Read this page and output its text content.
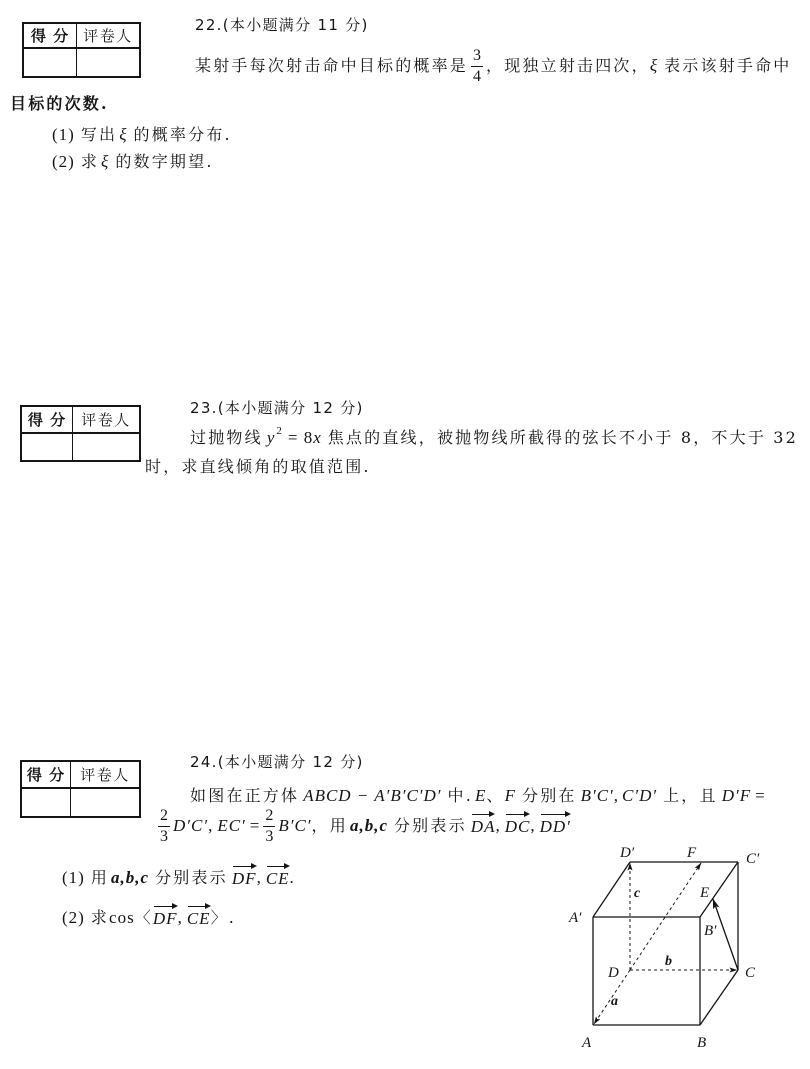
得 分	评卷人

22.(本小题满分 11 分)
某射手每次射击命中目标的概率是 $\frac{3}{4}$ ，现独立射击四次， ξ 表示该射手命中
目标的次数.
(1) 写出 ξ 的概率分布.
(2) 求 ξ 的数字期望.
得 分	评卷人

23.(本小题满分 12 分)
过抛物线 y 2 = 8 x 焦点的直线，被抛物线所截得的弦长不小于 8，不大于 32
时，求直线倾角的取值范围.
得 分	评卷人

24.(本小题满分 12 分)
如图在正方体 ABCD − A′B′C′D′ 中. E 、 F 分别在 B′C′ , C′D′ 上，且 D′F =
$\frac{2}{3} D'C'$ , $EC' = \frac{2}{3} B'C'$ ，用 a,b,c 分别表示 DA , DC , DD′
(1) 用 a,b,c 分别表示 DF , CE .
(2) 求 cos 〈 DF , CE 〉.
D′	F	C′
E
A′
B′
D	C
A	B
c
b
a
